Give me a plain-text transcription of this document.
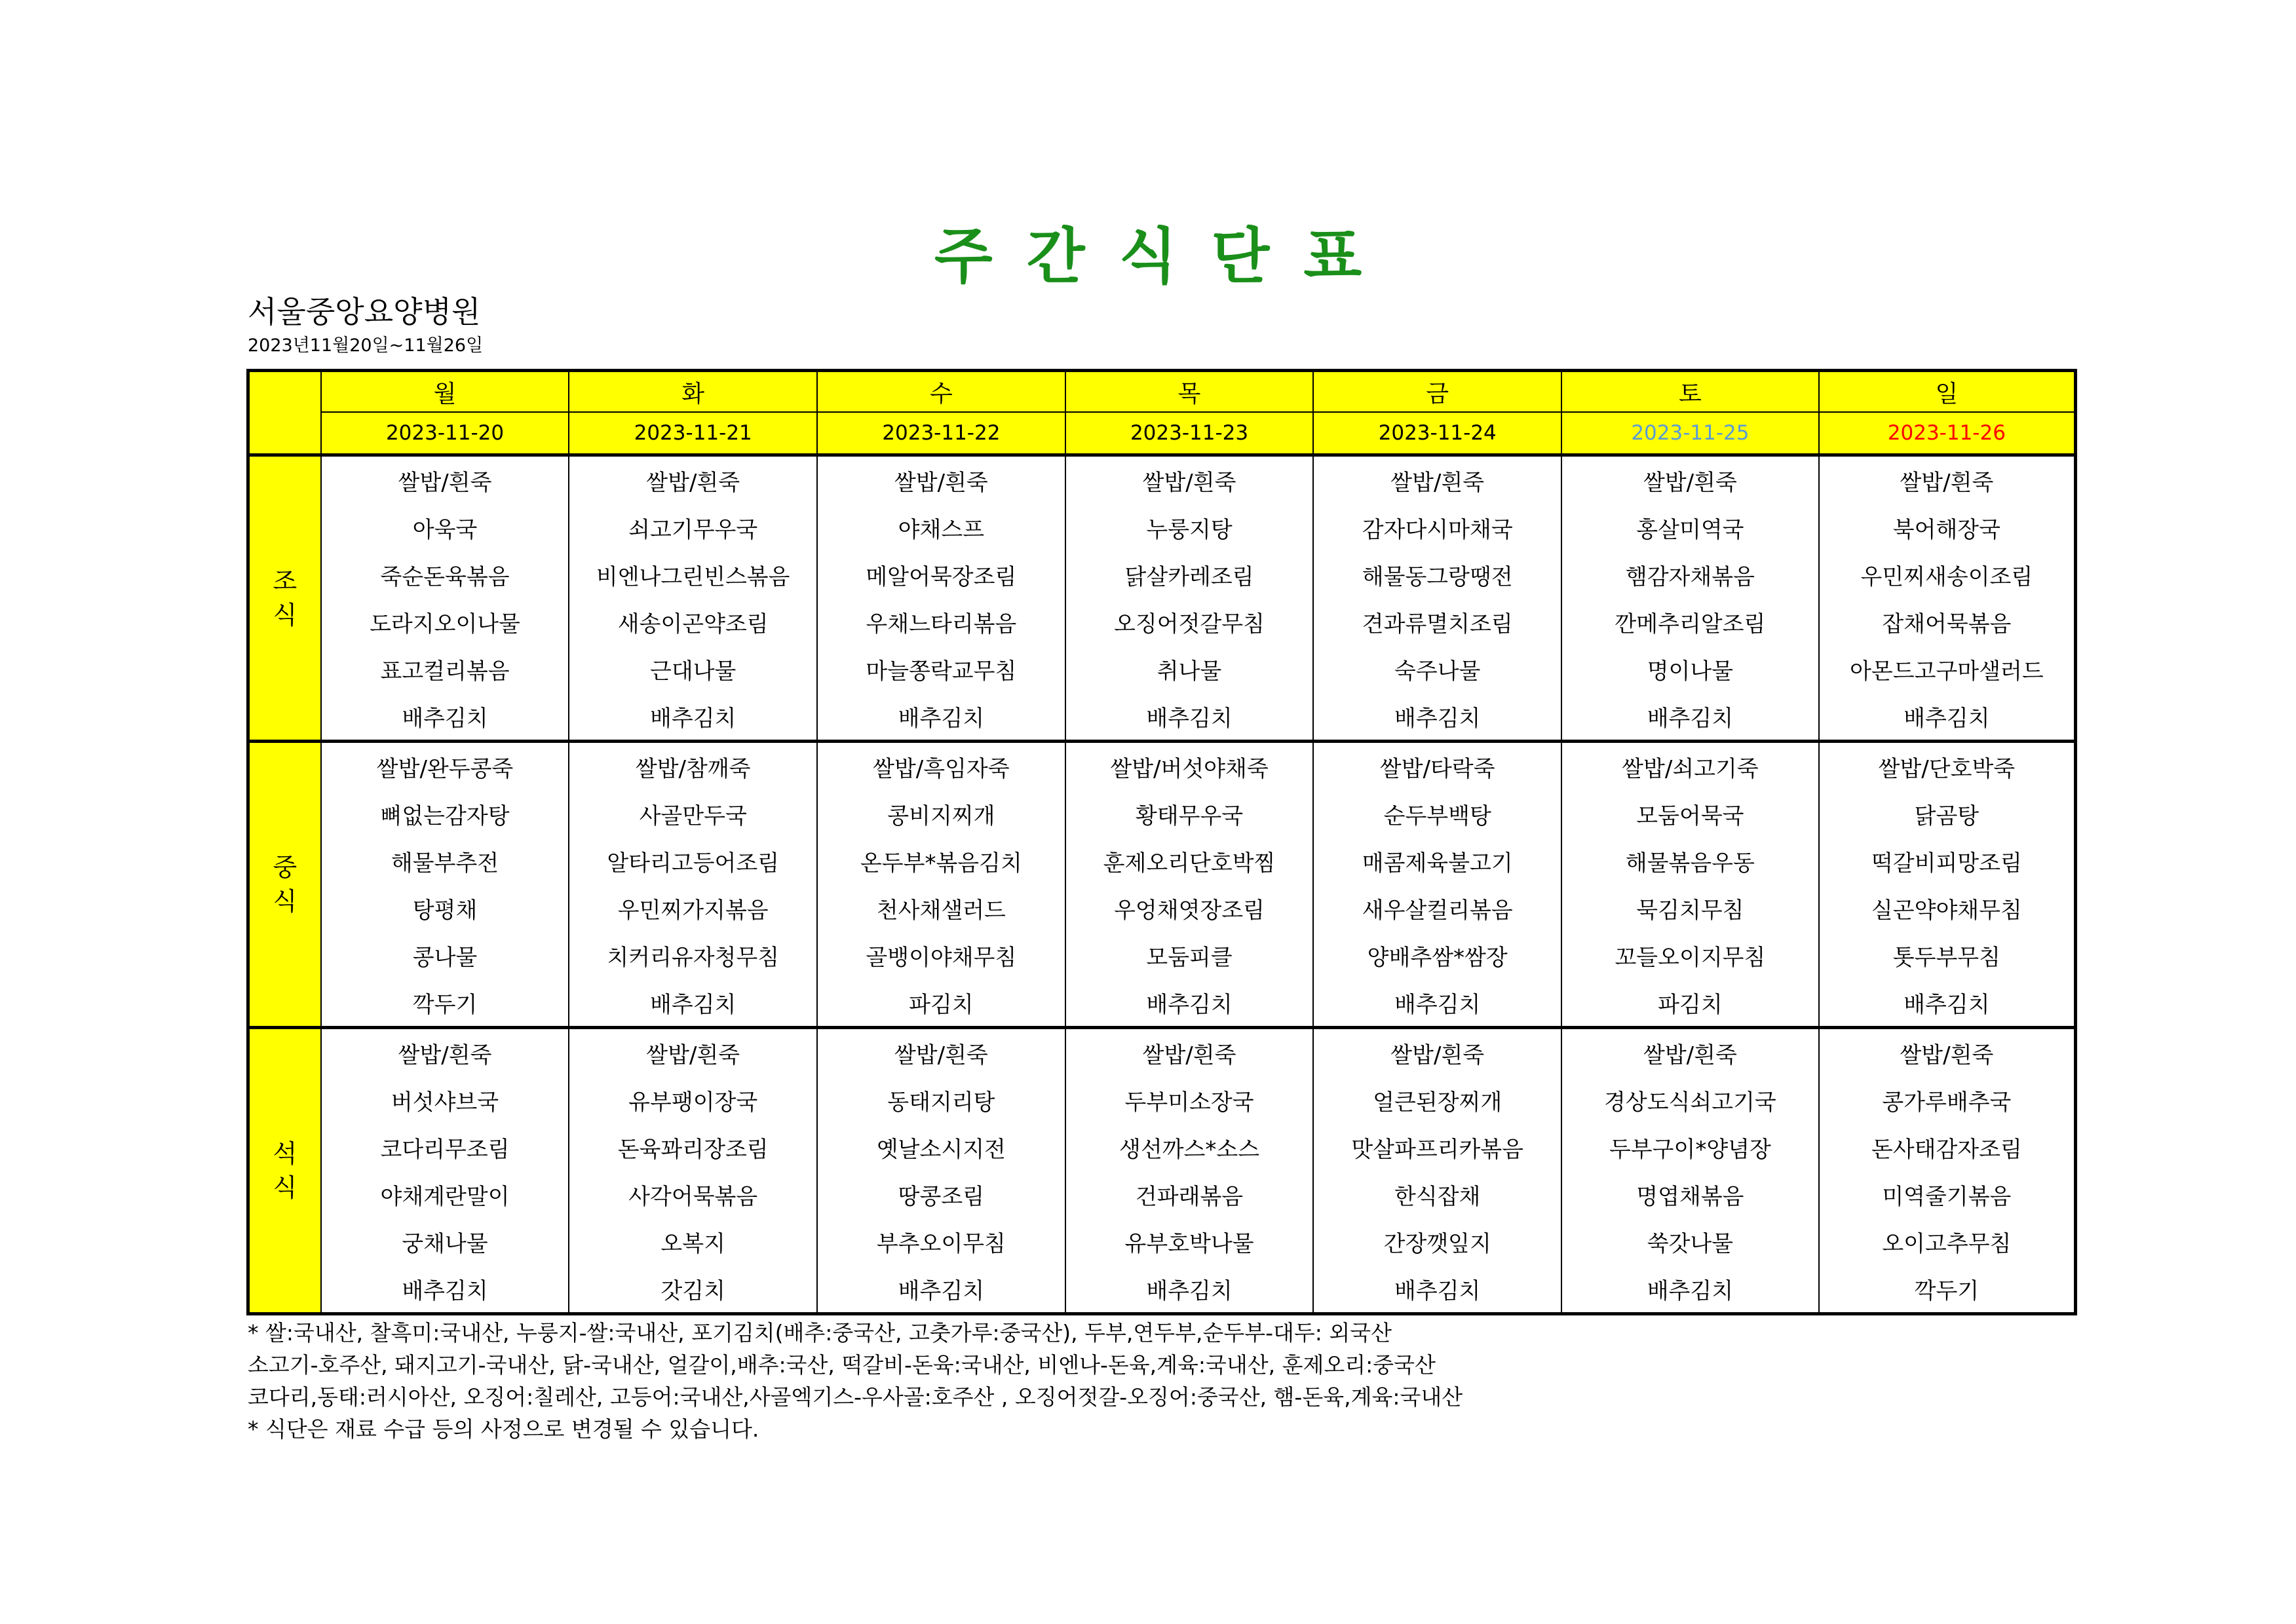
주 간 식 단 표
서울중앙요양병원
2023년11월20일~11월26일
	월	화	수	목	금	토	일
	2023-11-20	2023-11-21	2023-11-22	2023-11-23	2023-11-24	2023-11-25	2023-11-26

조
식	쌀밥/흰죽	쌀밥/흰죽	쌀밥/흰죽	쌀밥/흰죽	쌀밥/흰죽	쌀밥/흰죽	쌀밥/흰죽
	아욱국	쇠고기무우국	야채스프	누룽지탕	감자다시마채국	홍살미역국	북어해장국
	죽순돈육볶음	비엔나그린빈스볶음	메알어묵장조림	닭살카레조림	해물동그랑땡전	햄감자채볶음	우민찌새송이조림
	도라지오이나물	새송이곤약조림	우채느타리볶음	오징어젓갈무침	견과류멸치조림	깐메추리알조림	잡채어묵볶음
	표고컬리볶음	근대나물	마늘쫑락교무침	취나물	숙주나물	명이나물	아몬드고구마샐러드
	배추김치	배추김치	배추김치	배추김치	배추김치	배추김치	배추김치

중
식	쌀밥/완두콩죽	쌀밥/참깨죽	쌀밥/흑임자죽	쌀밥/버섯야채죽	쌀밥/타락죽	쌀밥/쇠고기죽	쌀밥/단호박죽
	뼈없는감자탕	사골만두국	콩비지찌개	황태무우국	순두부백탕	모둠어묵국	닭곰탕
	해물부추전	알타리고등어조림	온두부*볶음김치	훈제오리단호박찜	매콤제육불고기	해물볶음우동	떡갈비피망조림
	탕평채	우민찌가지볶음	천사채샐러드	우엉채엿장조림	새우살컬리볶음	묵김치무침	실곤약야채무침
	콩나물	치커리유자청무침	골뱅이야채무침	모둠피클	양배추쌈*쌈장	꼬들오이지무침	톳두부무침
	깍두기	배추김치	파김치	배추김치	배추김치	파김치	배추김치

석
식	쌀밥/흰죽	쌀밥/흰죽	쌀밥/흰죽	쌀밥/흰죽	쌀밥/흰죽	쌀밥/흰죽	쌀밥/흰죽
	버섯샤브국	유부팽이장국	동태지리탕	두부미소장국	얼큰된장찌개	경상도식쇠고기국	콩가루배추국
	코다리무조림	돈육꽈리장조림	옛날소시지전	생선까스*소스	맛살파프리카볶음	두부구이*양념장	돈사태감자조림
	야채계란말이	사각어묵볶음	땅콩조림	건파래볶음	한식잡채	명엽채볶음	미역줄기볶음
	궁채나물	오복지	부추오이무침	유부호박나물	간장깻잎지	쑥갓나물	오이고추무침
	배추김치	갓김치	배추김치	배추김치	배추김치	배추김치	깍두기
* 쌀:국내산, 찰흑미:국내산, 누룽지-쌀:국내산, 포기김치(배추:중국산, 고춧가루:중국산), 두부,연두부,순두부-대두: 외국산
소고기-호주산, 돼지고기-국내산, 닭-국내산, 얼갈이,배추:국산, 떡갈비-돈육:국내산, 비엔나-돈육,계육:국내산, 훈제오리:중국산
코다리,동태:러시아산, 오징어:칠레산, 고등어:국내산,사골엑기스-우사골:호주산 , 오징어젓갈-오징어:중국산, 햄-돈육,계육:국내산
* 식단은 재료 수급 등의 사정으로 변경될 수 있습니다.
